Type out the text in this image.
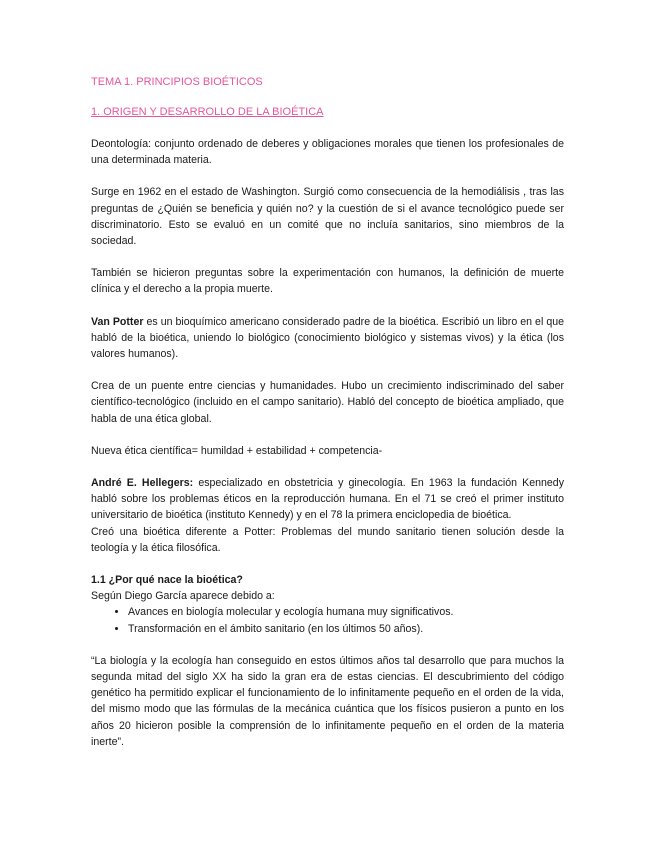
TEMA 1. PRINCIPIOS BIOÉTICOS
1. ORIGEN Y DESARROLLO DE LA BIOÉTICA

Deontología: conjunto ordenado de deberes y obligaciones morales que tienen los profesionales de una determinada materia.

Surge en 1962 en el estado de Washington. Surgió como consecuencia de la hemodiálisis , tras las preguntas de ¿Quién se beneficia y quién no? y la cuestión de si el avance tecnológico puede ser discriminatorio. Esto se evaluó en un comité que no incluía sanitarios, sino miembros de la sociedad.

También se hicieron preguntas sobre la experimentación con humanos, la definición de muerte clínica y el derecho a la propia muerte.

Van Potter es un bioquímico americano considerado padre de la bioética. Escribió un libro en el que habló de la bioética, uniendo lo biológico (conocimiento biológico y sistemas vivos) y la ética (los valores humanos).

Crea de un puente entre ciencias y humanidades. Hubo un crecimiento indiscriminado del saber científico-tecnológico (incluido en el campo sanitario). Habló del concepto de bioética ampliado, que habla de una ética global.

Nueva ética científica= humildad + estabilidad + competencia-

André E. Hellegers: especializado en obstetricia y ginecología. En 1963 la fundación Kennedy habló sobre los problemas éticos en la reproducción humana. En el 71 se creó el primer instituto universitario de bioética (instituto Kennedy) y en el 78 la primera enciclopedia de bioética.

Creó una bioética diferente a Potter: Problemas del mundo sanitario tienen solución desde la teología y la ética filosófica.

1.1 ¿Por qué nace la bioética?

Según Diego García aparece debido a:

• Avances en biología molecular y ecología humana muy significativos.
• Transformación en el ámbito sanitario (en los últimos 50 años).

“La biología y la ecología han conseguido en estos últimos años tal desarrollo que para muchos la segunda mitad del siglo XX ha sido la gran era de estas ciencias. El descubrimiento del código genético ha permitido explicar el funcionamiento de lo infinitamente pequeño en el orden de la vida, del mismo modo que las fórmulas de la mecánica cuántica que los físicos pusieron a punto en los años 20 hicieron posible la comprensión de lo infinitamente pequeño en el orden de la materia inerte”.
